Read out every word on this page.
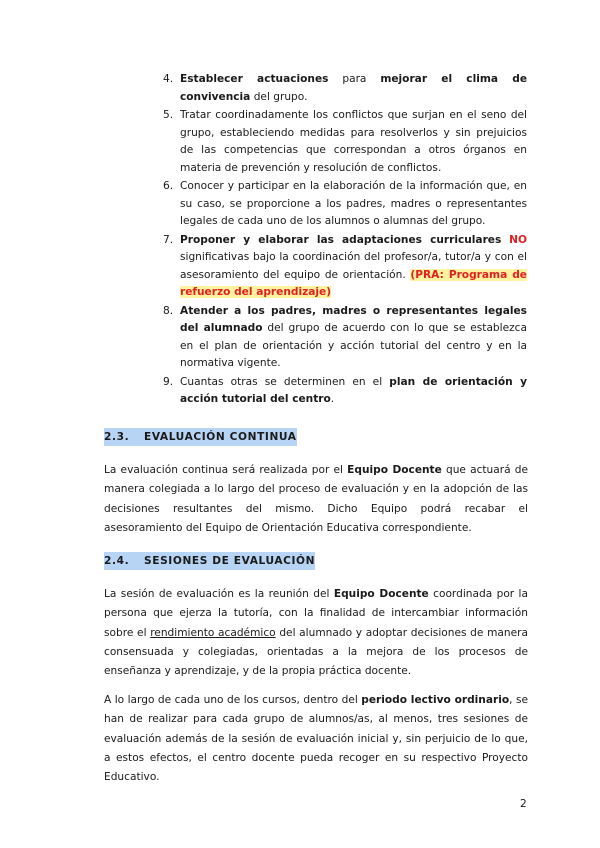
4. Establecer actuaciones para mejorar el clima de convivencia del grupo.
5. Tratar coordinadamente los conflictos que surjan en el seno del grupo, estableciendo medidas para resolverlos y sin prejuicios de las competencias que correspondan a otros órganos en materia de prevención y resolución de conflictos.
6. Conocer y participar en la elaboración de la información que, en su caso, se proporcione a los padres, madres o representantes legales de cada uno de los alumnos o alumnas del grupo.
7. Proponer y elaborar las adaptaciones curriculares NO significativas bajo la coordinación del profesor/a, tutor/a y con el asesoramiento del equipo de orientación. (PRA: Programa de refuerzo del aprendizaje)
8. Atender a los padres, madres o representantes legales del alumnado del grupo de acuerdo con lo que se establezca en el plan de orientación y acción tutorial del centro y en la normativa vigente.
9. Cuantas otras se determinen en el plan de orientación y acción tutorial del centro.
2.3. EVALUACIÓN CONTINUA

La evaluación continua será realizada por el Equipo Docente que actuará de manera colegiada a lo largo del proceso de evaluación y en la adopción de las decisiones resultantes del mismo. Dicho Equipo podrá recabar el asesoramiento del Equipo de Orientación Educativa correspondiente.

2.4. SESIONES DE EVALUACIÓN

La sesión de evaluación es la reunión del Equipo Docente coordinada por la persona que ejerza la tutoría, con la finalidad de intercambiar información sobre el rendimiento académico del alumnado y adoptar decisiones de manera consensuada y colegiadas, orientadas a la mejora de los procesos de enseñanza y aprendizaje, y de la propia práctica docente.

A lo largo de cada uno de los cursos, dentro del periodo lectivo ordinario, se han de realizar para cada grupo de alumnos/as, al menos, tres sesiones de evaluación además de la sesión de evaluación inicial y, sin perjuicio de lo que, a estos efectos, el centro docente pueda recoger en su respectivo Proyecto Educativo.

2
